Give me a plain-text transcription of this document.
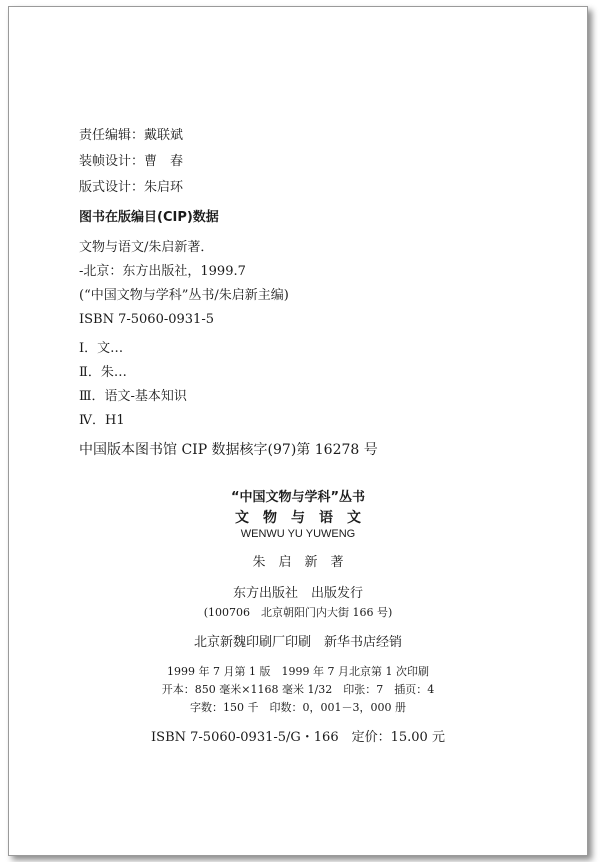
责任编辑：戴联斌
装帧设计：曹　春
版式设计：朱启环
图书在版编目(CIP)数据
文物与语文/朱启新著．
-北京：东方出版社，1999.7
(“中国文物与学科”丛书/朱启新主编)
ISBN 7-5060-0931-5
Ⅰ．文…
Ⅱ．朱…
Ⅲ．语文-基本知识
Ⅳ．H1
中国版本图书馆 CIP 数据核字(97)第 16278 号
“中国文物与学科”丛书
文　物　与　语　文
WENWU YU YUWENG
朱　启　新　著
东方出版社　出版发行
(100706　北京朝阳门内大街 166 号)
北京新魏印刷厂印刷　新华书店经销
1999 年 7 月第 1 版　1999 年 7 月北京第 1 次印刷
开本：850 毫米×1168 毫米 1/32　印张：7　插页：4
字数：150 千　印数：0，001－3，000 册
ISBN 7-5060-0931-5/G・166　定价：15.00 元
